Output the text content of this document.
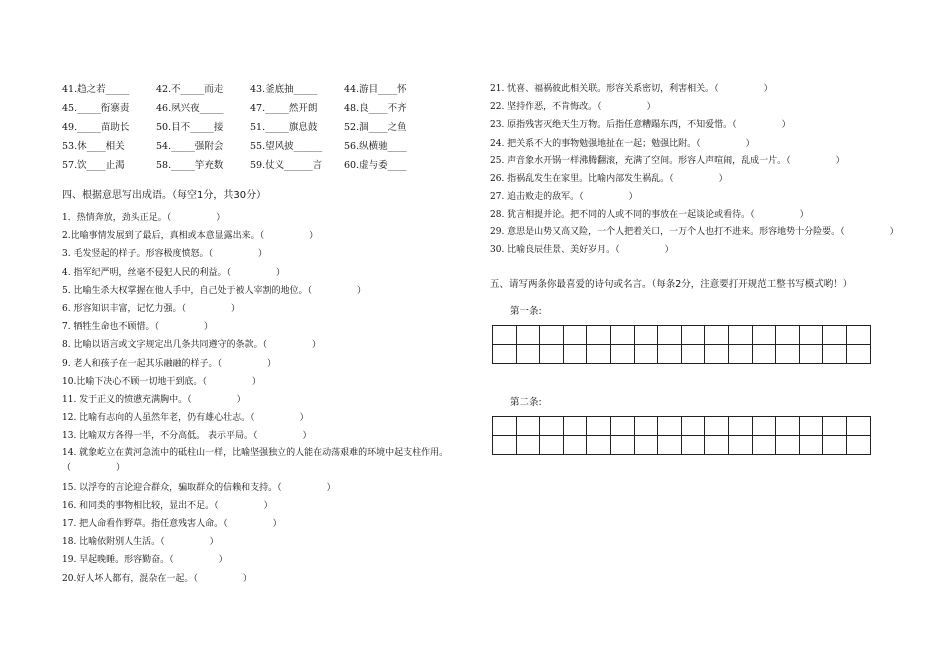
41.趋之若_____	42.不_____而走	43.釜底抽_____	44.游目____怀
45._____衔寨责	46.夙兴夜_____	47._____然开朗	48.良____不齐
49._____苗助长	50.目不_____接	51._____旗息鼓	52.涸____之鱼
53.休____相关	54._____强附会	55.望风披______	56.纵横驰____
57.饮____止渴	58._____竽充数	59.仗义______言	60.虚与委____
四、根据意思写出成语。（每空1分，共30分）
1．热情奔放，劲头正足。（　　　　　）
2.比喻事情发展到了最后，真相或本意显露出来。（　　　　　）
3. 毛发竖起的样子。形容极度愤怒。（　　　　　）
4. 指军纪严明，丝毫不侵犯人民的利益。（　　　　　）
5. 比喻生杀大权掌握在他人手中，自己处于被人宰割的地位。（　　　　　）
6. 形容知识丰富，记忆力强。（　　　　　）
7. 牺牲生命也不顾惜。（　　　　　）
8. 比喻以语言或文字规定出几条共同遵守的条款。（　　　　　）
9. 老人和孩子在一起其乐融融的样子。（　　　　　）
10.比喻下决心不顾一切地干到底。（　　　　　）
11. 发于正义的愤懑充满胸中。（　　　　　）
12. 比喻有志向的人虽然年老，仍有雄心壮志。（　　　　　）
13. 比喻双方各得一半，不分高低。 表示平局。（　　　　　）
14. 就象屹立在黄河急流中的砥柱山一样，比喻坚强独立的人能在动荡艰难的环境中起支柱作用。（　　　　　）
15. 以浮夸的言论迎合群众，骗取群众的信赖和支持。（　　　　　）
16. 和同类的事物相比较，显出不足。（　　　　　）
17. 把人命看作野草。指任意残害人命。（　　　　　）
18. 比喻依附别人生活。（　　　　　）
19. 早起晚睡。形容勤奋。（　　　　　）
20.好人坏人都有，混杂在一起。（　　　　　）
21. 忧喜、福祸彼此相关联。形容关系密切，利害相关。（　　　　　）
22. 坚持作恶，不肯悔改。（　　　　　）
23. 原指残害灭绝天生万物。后指任意糟蹋东西，不知爱惜。（　　　　　）
24. 把关系不大的事物勉强地扯在一起；勉强比附。（　　　　　）
25. 声音象水开锅一样沸腾翻滚，充满了空间。形容人声喧闹，乱成一片。（　　　　　）
26. 指祸乱发生在家里。比喻内部发生祸乱。（　　　　　）
27. 追击败走的敌军。（　　　　　）
28. 犹言相提并论。把不同的人或不同的事放在一起谈论或看待。（　　　　　）
29. 意思是山势又高又险，一个人把着关口，一万个人也打不进来。形容地势十分险要。（　　　　　）
30. 比喻良辰佳景、美好岁月。（　　　　　）
五、请写两条你最喜爱的诗句或名言。（每条2分，注意要打开规范工整书写模式哟！）
第一条:

第二条:
